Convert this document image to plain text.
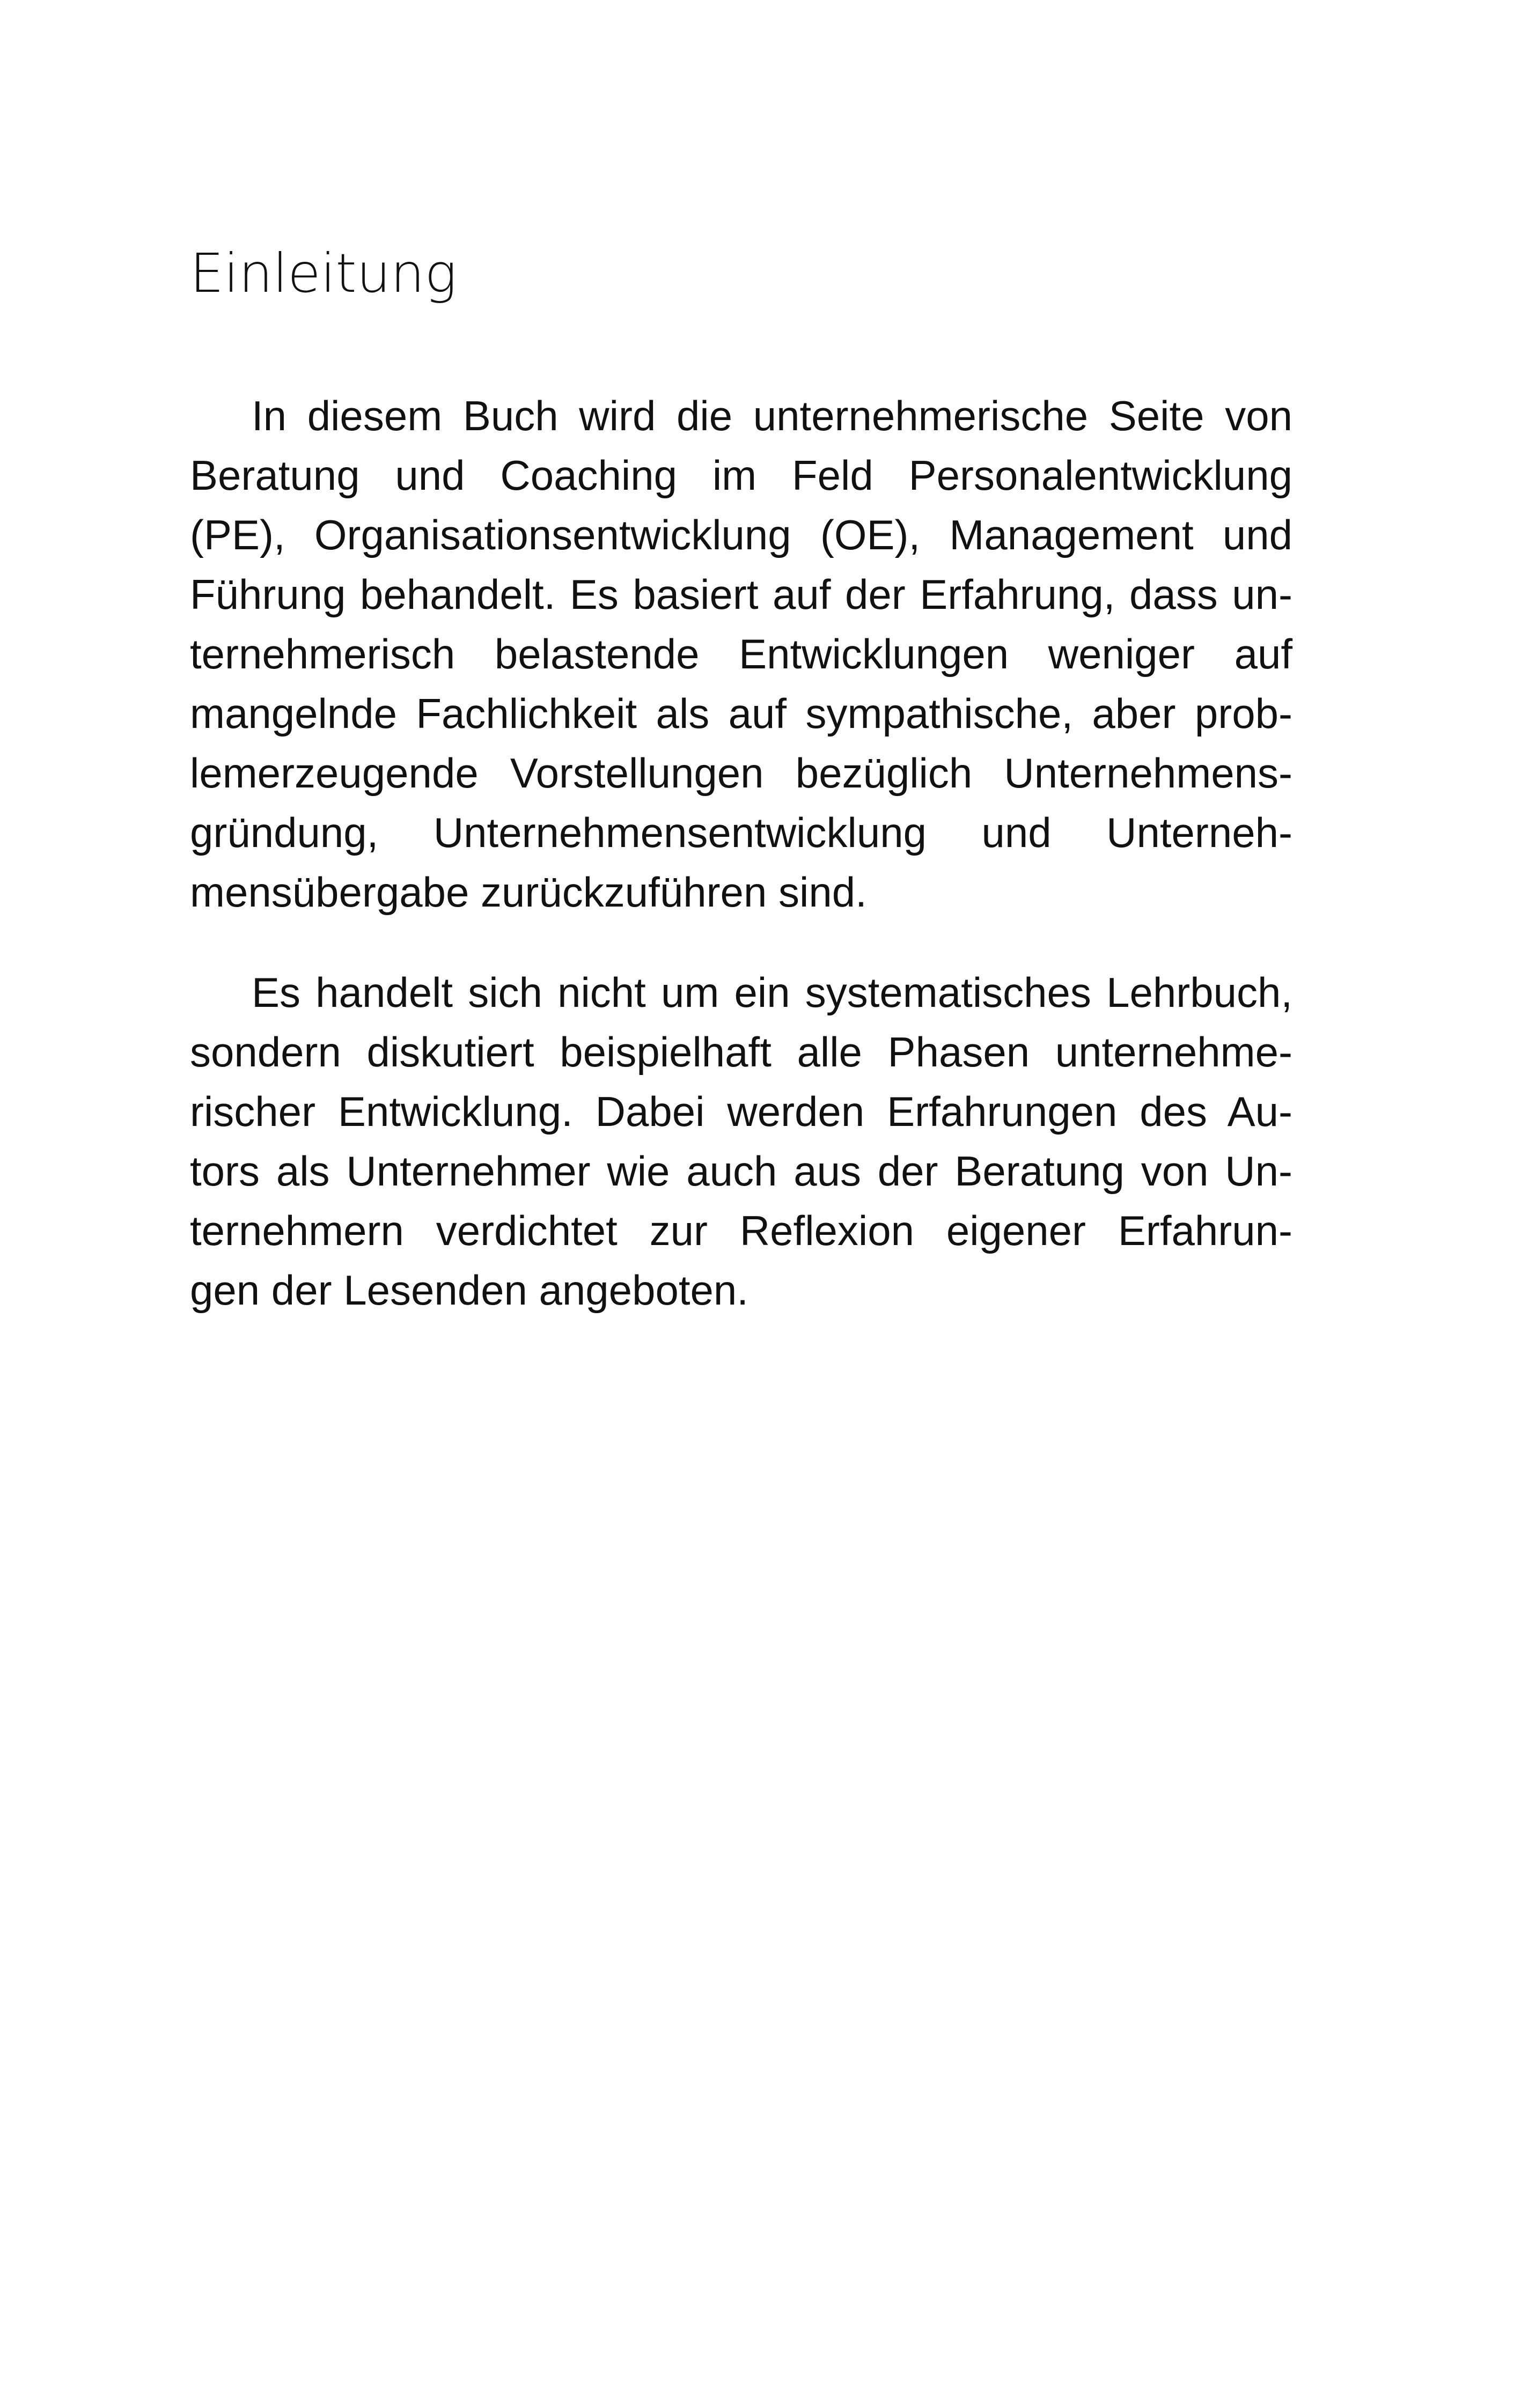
Einleitung
In diesem Buch wird die unternehmerische Seite von
Beratung und Coaching im Feld Personalentwicklung
(PE), Organisationsentwicklung (OE), Management und
Führung behandelt. Es basiert auf der Erfahrung, dass un-
ternehmerisch belastende Entwicklungen weniger auf
mangelnde Fachlichkeit als auf sympathische, aber prob-
lemerzeugende Vorstellungen bezüglich Unternehmens-
gründung, Unternehmensentwicklung und Unterneh-
mensübergabe zurückzuführen sind.
Es handelt sich nicht um ein systematisches Lehrbuch,
sondern diskutiert beispielhaft alle Phasen unternehme-
rischer Entwicklung. Dabei werden Erfahrungen des Au-
tors als Unternehmer wie auch aus der Beratung von Un-
ternehmern verdichtet zur Reflexion eigener Erfahrun-
gen der Lesenden angeboten.
